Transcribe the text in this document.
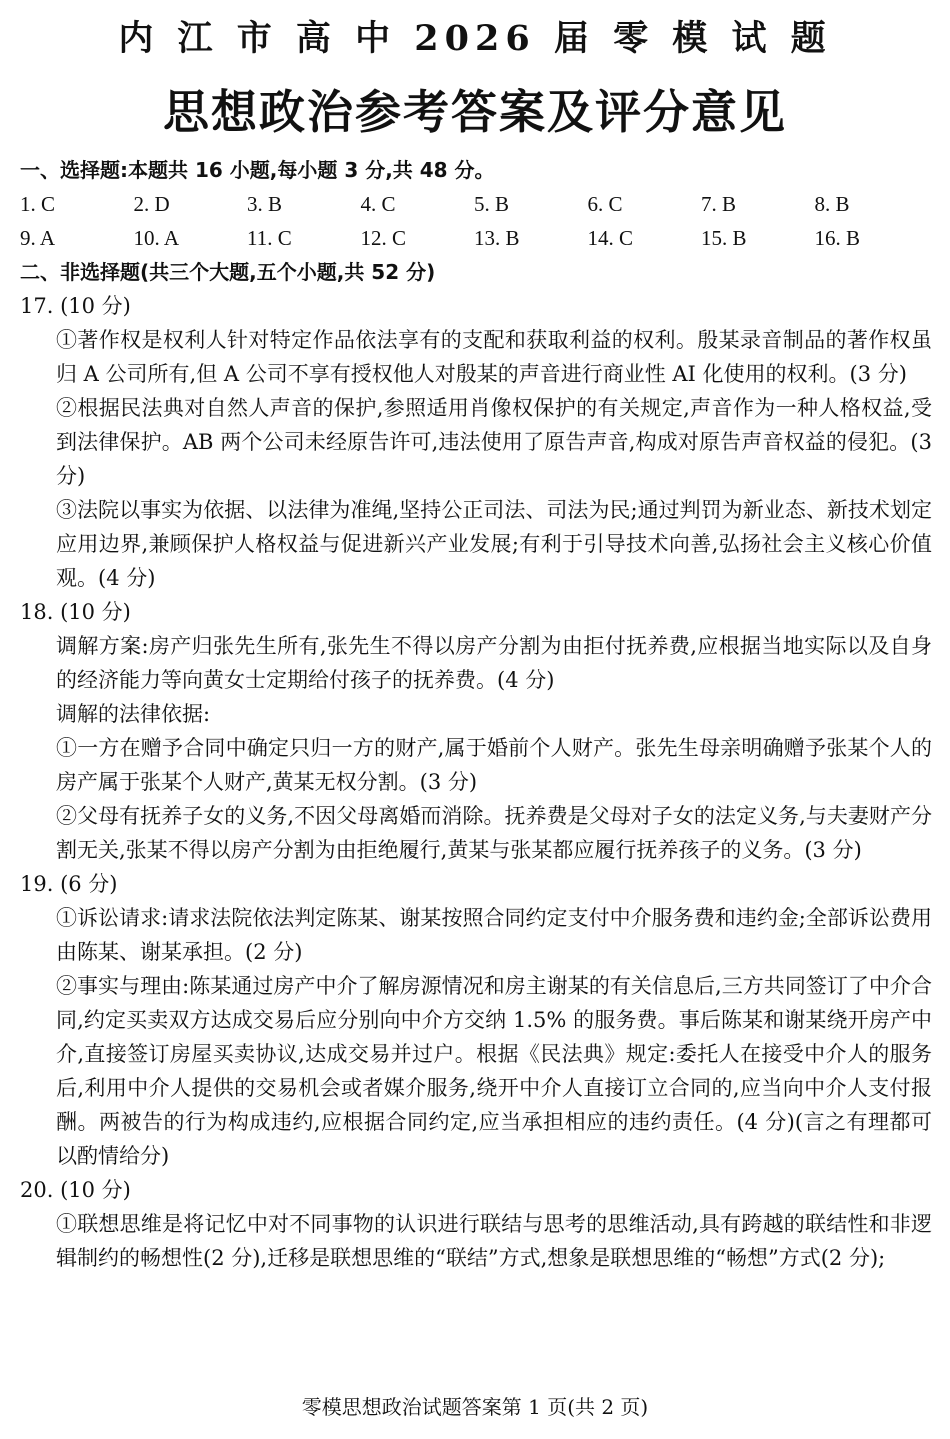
内 江 市 高 中 2026 届 零 模 试 题
思想政治参考答案及评分意见
一、选择题:本题共 16 小题,每小题 3 分,共 48 分。
1. C	2. D	3. B	4. C	5. B	6. C	7. B	8. B
9. A	10. A	11. C	12. C	13. B	14. C	15. B	16. B
二、非选择题(共三个大题,五个小题,共 52 分)
17. (10 分)
①著作权是权利人针对特定作品依法享有的支配和获取利益的权利。殷某录音制品的著作权虽归 A 公司所有,但 A 公司不享有授权他人对殷某的声音进行商业性 AI 化使用的权利。(3 分)
②根据民法典对自然人声音的保护,参照适用肖像权保护的有关规定,声音作为一种人格权益,受到法律保护。AB 两个公司未经原告许可,违法使用了原告声音,构成对原告声音权益的侵犯。(3 分)
③法院以事实为依据、以法律为准绳,坚持公正司法、司法为民;通过判罚为新业态、新技术划定应用边界,兼顾保护人格权益与促进新兴产业发展;有利于引导技术向善,弘扬社会主义核心价值观。(4 分)
18. (10 分)
调解方案:房产归张先生所有,张先生不得以房产分割为由拒付抚养费,应根据当地实际以及自身的经济能力等向黄女士定期给付孩子的抚养费。(4 分)
调解的法律依据:
①一方在赠予合同中确定只归一方的财产,属于婚前个人财产。张先生母亲明确赠予张某个人的房产属于张某个人财产,黄某无权分割。(3 分)
②父母有抚养子女的义务,不因父母离婚而消除。抚养费是父母对子女的法定义务,与夫妻财产分割无关,张某不得以房产分割为由拒绝履行,黄某与张某都应履行抚养孩子的义务。(3 分)
19. (6 分)
①诉讼请求:请求法院依法判定陈某、谢某按照合同约定支付中介服务费和违约金;全部诉讼费用由陈某、谢某承担。(2 分)
②事实与理由:陈某通过房产中介了解房源情况和房主谢某的有关信息后,三方共同签订了中介合同,约定买卖双方达成交易后应分别向中介方交纳 1.5% 的服务费。事后陈某和谢某绕开房产中介,直接签订房屋买卖协议,达成交易并过户。根据《民法典》规定:委托人在接受中介人的服务后,利用中介人提供的交易机会或者媒介服务,绕开中介人直接订立合同的,应当向中介人支付报酬。两被告的行为构成违约,应根据合同约定,应当承担相应的违约责任。(4 分)(言之有理都可以酌情给分)
20. (10 分)
①联想思维是将记忆中对不同事物的认识进行联结与思考的思维活动,具有跨越的联结性和非逻辑制约的畅想性(2 分),迁移是联想思维的“联结”方式,想象是联想思维的“畅想”方式(2 分);
零模思想政治试题答案第 1 页(共 2 页)
